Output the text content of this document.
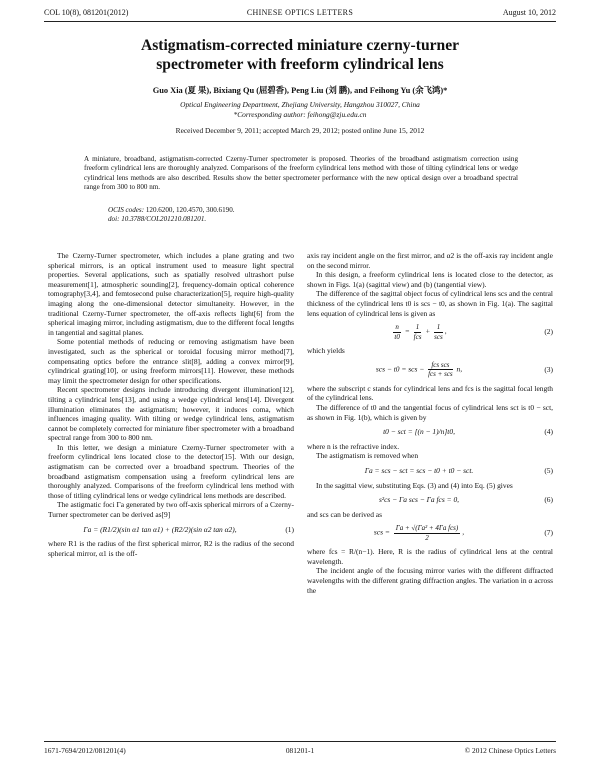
COL 10(8), 081201(2012)	CHINESE OPTICS LETTERS	August 10, 2012
Astigmatism-corrected miniature czerny-turner
spectrometer with freeform cylindrical lens
Guo Xia (夏 果), Bixiang Qu (屈碧香), Peng Liu (刘 鹏), and Feihong Yu (余飞鸿)*
Optical Engineering Department, Zhejiang University, Hangzhou 310027, China
*Corresponding author: feihong@zju.edu.cn
Received December 9, 2011; accepted March 29, 2012; posted online June 15, 2012
A miniature, broadband, astigmatism-corrected Czerny-Turner spectrometer is proposed. Theories of the broadband astigmatism correction using freeform cylindrical lens are thoroughly analyzed. Comparisons of the freeform cylindrical lens method with those of tilting cylindrical lens or wedge cylindrical lens methods are also described. Results show the better spectrometer performance with the new optical design over a broadband spectral range from 300 to 800 nm.
OCIS codes: 120.6200, 120.4570, 300.6190.
doi: 10.3788/COL201210.081201.

The Czerny-Turner spectrometer, which includes a plane grating and two spherical mirrors, is an optical instrument used to measure light spectral properties. Several applications, such as spatially resolved ultrashort pulse measurement[1], atmospheric sounding[2], frequency-domain optical coherence tomography[3,4], and femtosecond pulse characterization[5], require high-quality imaging along the one-dimensional detector simultaneity. However, in the traditional Czerny-Turner spectrometer, the off-axis reflects light[6] from the spherical imaging mirror, including astigmatism, due to the different focal lengths in tangential and sagittal planes.

Some potential methods of reducing or removing astigmatism have been investigated, such as the spherical or toroidal focusing mirror method[7], compensating optics before the entrance slit[8], adding a convex mirror[9], cylindrical grating[10], or using freeform mirrors[11]. However, these methods may limit the spectrometer design for other specifications.

Recent spectrometer designs include introducing divergent illumination[12], tilting a cylindrical lens[13], and using a wedge cylindrical lens[14]. Divergent illumination eliminates the astigmatism; however, it induces coma, which influences imaging quality. With tilting or wedge cylindrical lens, astigmatism cannot be completely corrected for miniature fiber spectrometer with a broadband spectral range from 300 to 800 nm.

In this letter, we design a miniature Czerny-Turner spectrometer with a freeform cylindrical lens located close to the detector[15]. With our design, astigmatism can be corrected over a broadband spectrum. Theories of the broadband astigmatism compensation using a freeform cylindrical lens are thoroughly analyzed. Comparisons of the freeform cylindrical lens method with those of titling cylindrical lens or wedge cylindrical lens methods are described.

The astigmatic foci Γa generated by two off-axis spherical mirrors of a Czerny-Turner spectrometer can be derived as[9]

Γa = (R1/2)(sin α1 tan α1) + (R2/2)(sin α2 tan α2),	(1)

where R1 is the radius of the first spherical mirror, R2 is the radius of the second spherical mirror, α1 is the off-

axis ray incident angle on the first mirror, and α2 is the off-axis ray incident angle on the second mirror.

In this design, a freeform cylindrical lens is located close to the detector, as shown in Figs. 1(a) (sagittal view) and (b) (tangential view).

The difference of the sagittal object focus of cylindrical lens scs and the central thickness of the cylindrical lens t0 is scs − t0, as shown in Fig. 1(a). The sagittal lens equation of cylindrical lens is given as

$\frac{n}{t0} = \frac{1}{\text{fcs}} + \frac{1}{\text{scs}}$ ,	(2)

which yields

scs − t0 = scs − $\frac{\text{fcs scs}}{\text{fcs + scs}} n$,	(3)

where the subscript c stands for cylindrical lens and fcs is the sagittal focal length of the cylindrical lens.

The difference of t0 and the tangential focus of cylindrical lens sct is t0 − sct, as shown in Fig. 1(b), which is given by

t0 − sct = [(n − 1)/n]t0,	(4)

where n is the refractive index.

The astigmatism is removed when

Γa = scs − sct = scs − t0 + t0 − sct.	(5)

In the sagittal view, substituting Eqs. (3) and (4) into Eq. (5) gives

s²cs − Γa scs − Γa fcs = 0,	(6)

and scs can be derived as

scs = $\frac{\text{Γa + √(Γa² + 4Γa fcs)}}{2}$ ,	(7)

where fcs = R/(n−1). Here, R is the radius of cylindrical lens at the central wavelength.

The incident angle of the focusing mirror varies with the different diffracted wavelengths with the different grating diffraction angles. The variation in α across the

1671-7694/2012/081201(4)	081201-1	© 2012 Chinese Optics Letters
